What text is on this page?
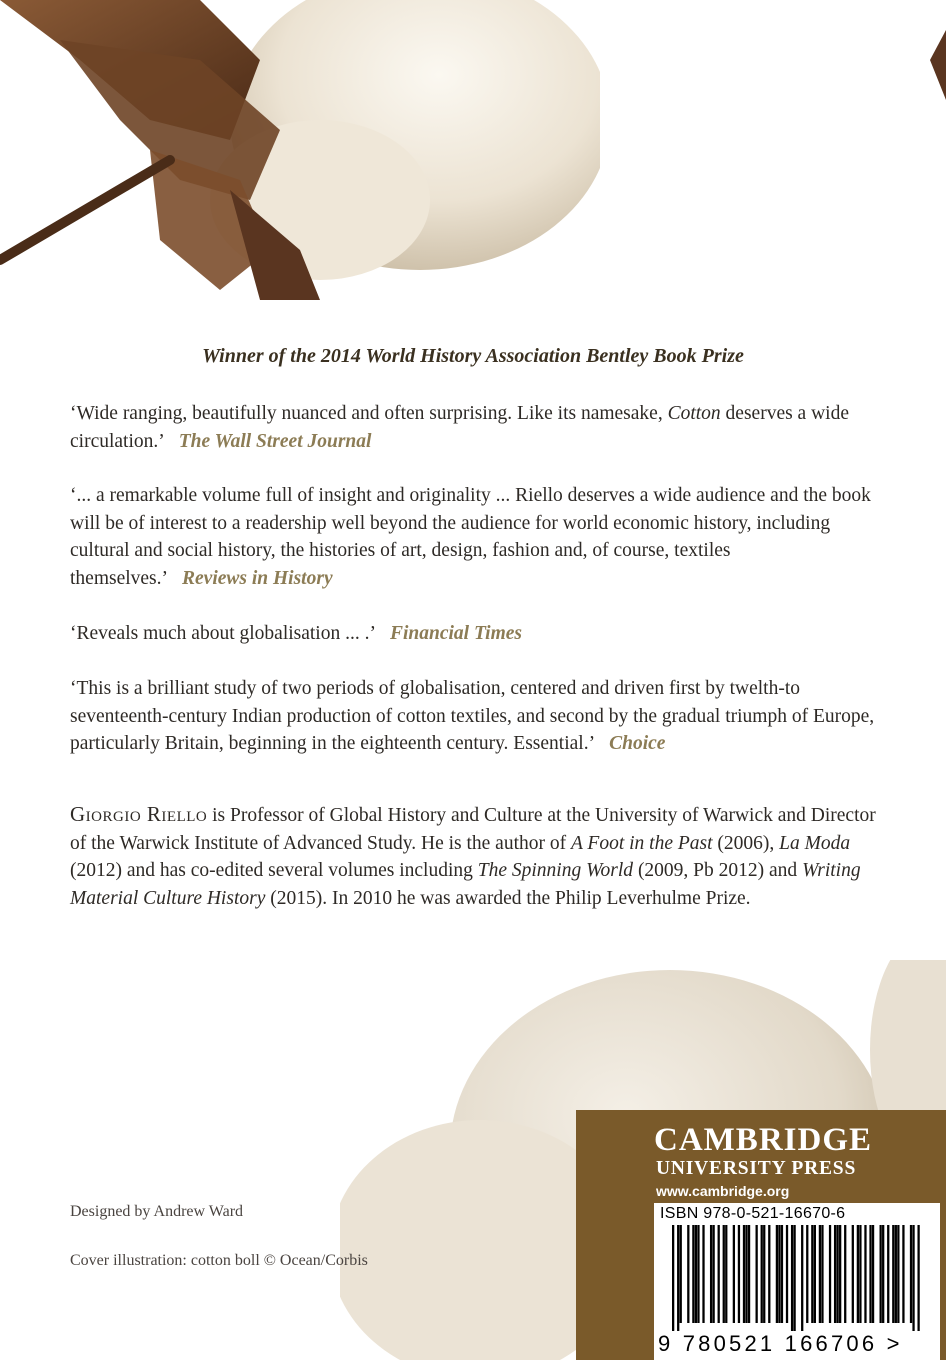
Winner of the 2014 World History Association Bentley Book Prize
‘Wide ranging, beautifully nuanced and often surprising. Like its namesake, Cotton deserves a wide circulation.’ The Wall Street Journal
‘... a remarkable volume full of insight and originality ... Riello deserves a wide audience and the book will be of interest to a readership well beyond the audience for world economic history, including cultural and social history, the histories of art, design, fashion and, of course, textiles themselves.’ Reviews in History
‘Reveals much about globalisation ... .’ Financial Times
‘This is a brilliant study of two periods of globalisation, centered and driven first by twelth-to seventeenth-century Indian production of cotton textiles, and second by the gradual triumph of Europe, particularly Britain, beginning in the eighteenth century. Essential.’ Choice
Giorgio Riello is Professor of Global History and Culture at the University of Warwick and Director of the Warwick Institute of Advanced Study. He is the author of A Foot in the Past (2006), La Moda (2012) and has co-edited several volumes including The Spinning World (2009, Pb 2012) and Writing Material Culture History (2015). In 2010 he was awarded the Philip Leverhulme Prize.
Designed by Andrew Ward
Cover illustration: cotton boll © Ocean/Corbis
CAMBRIDGE
UNIVERSITY PRESS
www.cambridge.org
ISBN 978-0-521-16670-6
9 780521 166706 >
